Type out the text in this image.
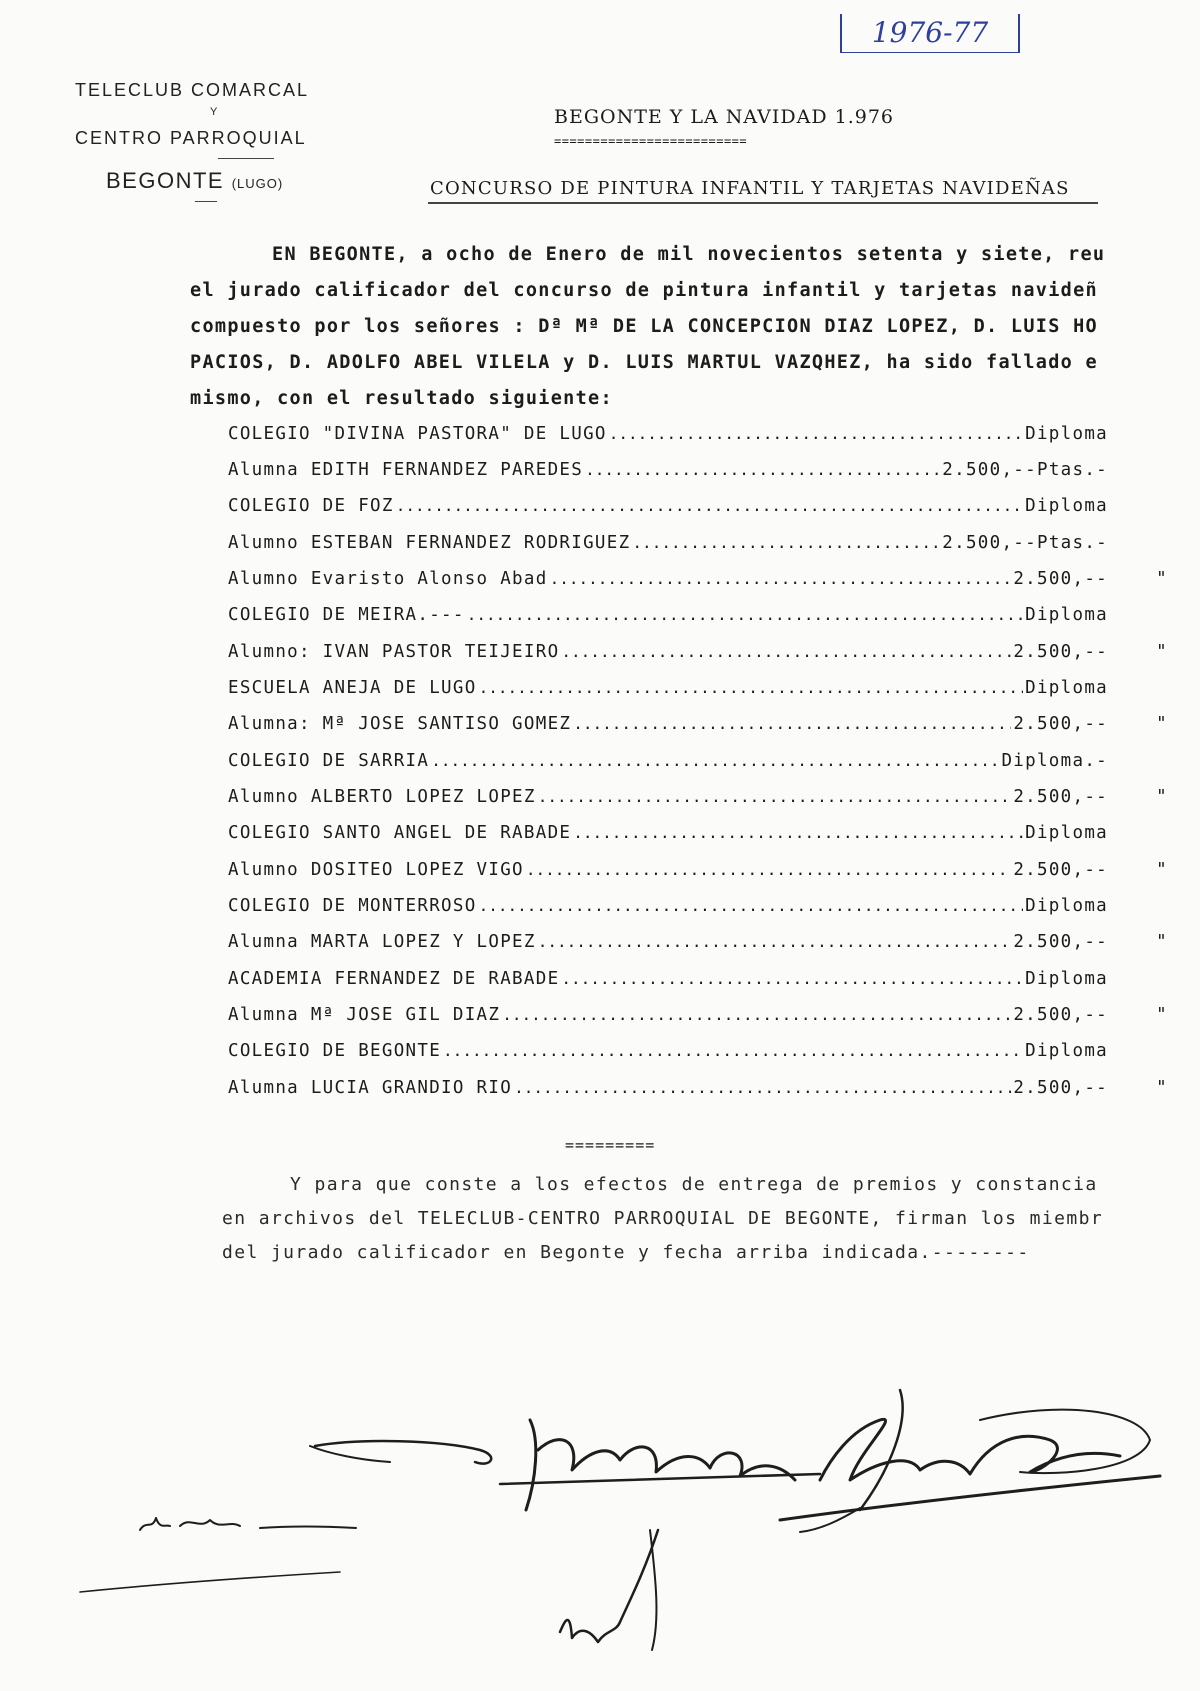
1976-77
TELECLUB COMARCAL
Y
CENTRO PARROQUIAL
BEGONTE (LUGO)
BEGONTE Y LA NAVIDAD 1.976
=========================
CONCURSO DE PINTURA INFANTIL Y TARJETAS NAVIDEÑAS
EN BEGONTE, a ocho de Enero de mil novecientos setenta y siete, reu
el jurado calificador del concurso de pintura infantil y tarjetas navideñ
compuesto por los señores : Dª Mª DE LA CONCEPCION DIAZ LOPEZ, D. LUIS HO
PACIOS, D. ADOLFO ABEL VILELA y D. LUIS MARTUL VAZQHEZ, ha sido fallado e
mismo, con el resultado siguiente:
COLEGIO "DIVINA PASTORA" DE LUGO .....	Diploma
Alumna EDITH FERNANDEZ PAREDES .....	2.500,--Ptas.-
COLEGIO DE FOZ .....	Diploma
Alumno ESTEBAN FERNANDEZ RODRIGUEZ .....	2.500,--Ptas.-
Alumno Evaristo Alonso Abad .....	2.500,--	"
COLEGIO DE MEIRA.--- .....	Diploma
Alumno: IVAN PASTOR TEIJEIRO .....	2.500,--	"
ESCUELA ANEJA DE LUGO .....	Diploma
Alumna: Mª JOSE SANTISO GOMEZ .....	2.500,--	"
COLEGIO DE SARRIA .....	Diploma.-
Alumno ALBERTO LOPEZ LOPEZ .....	2.500,--	"
COLEGIO SANTO ANGEL DE RABADE .....	Diploma
Alumno DOSITEO LOPEZ VIGO .....	2.500,--	"
COLEGIO DE MONTERROSO .....	Diploma
Alumna MARTA LOPEZ Y LOPEZ .....	2.500,--	"
ACADEMIA FERNANDEZ DE RABADE .....	Diploma
Alumna Mª JOSE GIL DIAZ .....	2.500,--	"
COLEGIO DE BEGONTE .....	Diploma
Alumna LUCIA GRANDIO RIO .....	2.500,--	"
=========
Y para que conste a los efectos de entrega de premios y constancia
en archivos del TELECLUB-CENTRO PARROQUIAL DE BEGONTE, firman los miembr
del jurado calificador en Begonte y fecha arriba indicada.--------
